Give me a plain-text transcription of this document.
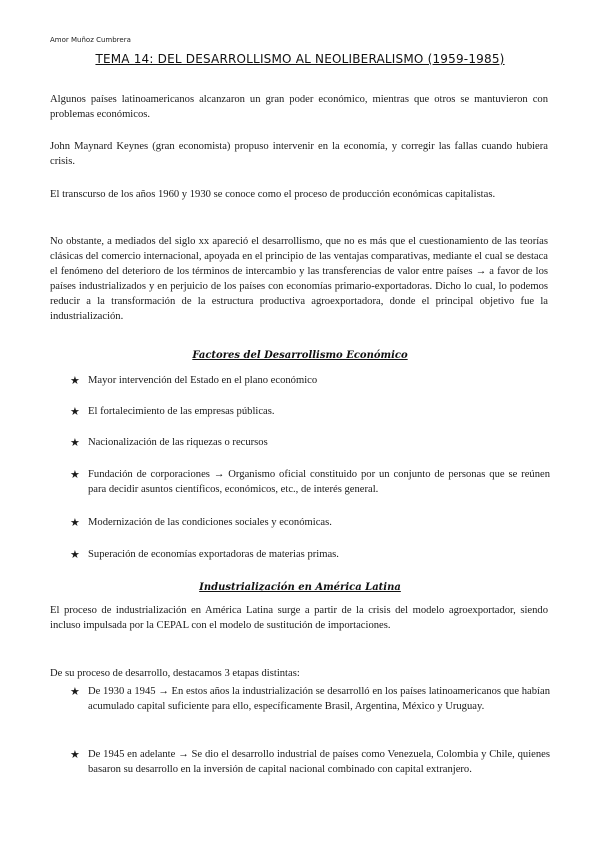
Amor Muñoz Cumbrera
TEMA 14: DEL DESARROLLISMO AL NEOLIBERALISMO (1959-1985)

Algunos países latinoamericanos alcanzaron un gran poder económico, mientras que otros se mantuvieron con problemas económicos.

John Maynard Keynes (gran economista) propuso intervenir en la economía, y corregir las fallas cuando hubiera crisis.

El transcurso de los años 1960 y 1930 se conoce como el proceso de producción económicas capitalistas.

No obstante, a mediados del siglo xx apareció el desarrollismo, que no es más que el cuestionamiento de las teorías clásicas del comercio internacional, apoyada en el principio de las ventajas comparativas, mediante el cual se destaca el fenómeno del deterioro de los términos de intercambio y las transferencias de valor entre países → a favor de los países industrializados y en perjuicio de los países con economías primario-exportadoras. Dicho lo cual, lo podemos reducir a la transformación de la estructura productiva agroexportadora, donde el principal objetivo fue la industrialización.

Factores del Desarrollismo Económico
★ Mayor intervención del Estado en el plano económico
★ El fortalecimiento de las empresas públicas.
★ Nacionalización de las riquezas o recursos
★ Fundación de corporaciones → Organismo oficial constituido por un conjunto de personas que se reúnen para decidir asuntos científicos, económicos, etc., de interés general.
★ Modernización de las condiciones sociales y económicas.
★ Superación de economías exportadoras de materias primas.
Industrialización en América Latina

El proceso de industrialización en América Latina surge a partir de la crisis del modelo agroexportador, siendo incluso impulsada por la CEPAL con el modelo de sustitución de importaciones.

De su proceso de desarrollo, destacamos 3 etapas distintas:

★ De 1930 a 1945 → En estos años la industrialización se desarrolló en los países latinoamericanos que habían acumulado capital suficiente para ello, específicamente Brasil, Argentina, México y Uruguay.
★ De 1945 en adelante → Se dio el desarrollo industrial de países como Venezuela, Colombia y Chile, quienes basaron su desarrollo en la inversión de capital nacional combinado con capital extranjero.
